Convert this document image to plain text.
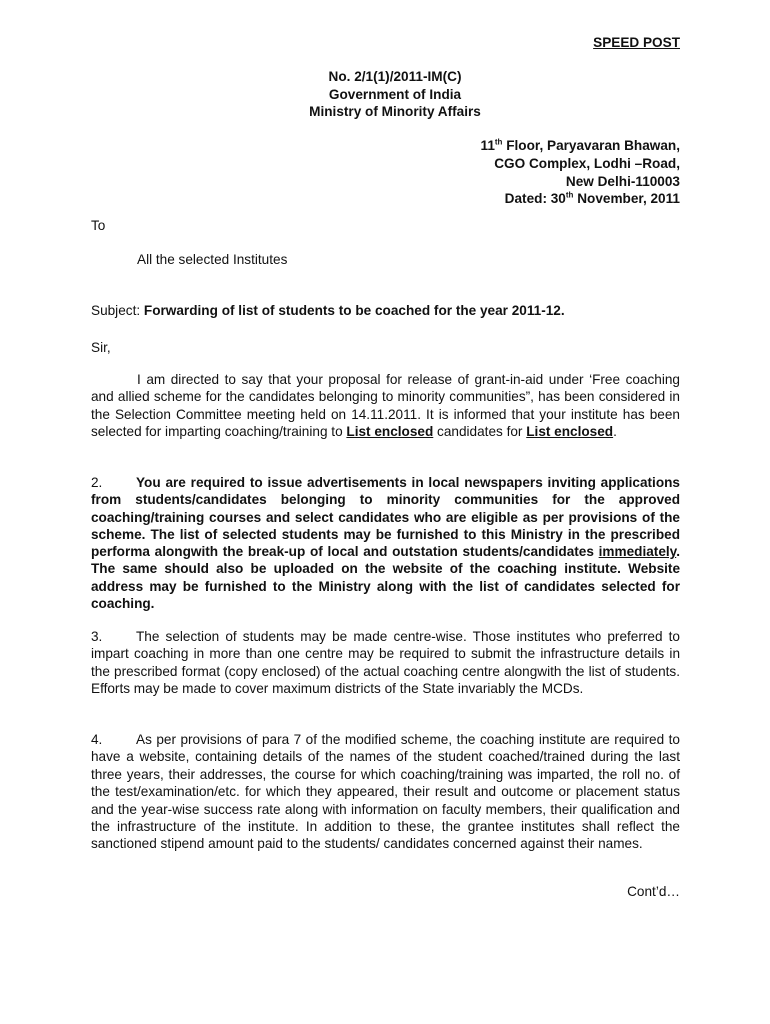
SPEED POST
No. 2/1(1)/2011-IM(C)
Government of India
Ministry of Minority Affairs
11th Floor, Paryavaran Bhawan,
CGO Complex, Lodhi –Road,
New Delhi-110003
Dated: 30th November, 2011
To
All the selected Institutes
Subject: Forwarding of list of students to be coached for the year 2011-12.
Sir,

I am directed to say that your proposal for release of grant-in-aid under ‘Free coaching and allied scheme for the candidates belonging to minority communities”, has been considered in the Selection Committee meeting held on 14.11.2011. It is informed that your institute has been selected for imparting coaching/training to List enclosed candidates for List enclosed.

2. You are required to issue advertisements in local newspapers inviting applications from students/candidates belonging to minority communities for the approved coaching/training courses and select candidates who are eligible as per provisions of the scheme. The list of selected students may be furnished to this Ministry in the prescribed performa alongwith the break-up of local and outstation students/candidates immediately. The same should also be uploaded on the website of the coaching institute. Website address may be furnished to the Ministry along with the list of candidates selected for coaching.

3. The selection of students may be made centre-wise. Those institutes who preferred to impart coaching in more than one centre may be required to submit the infrastructure details in the prescribed format (copy enclosed) of the actual coaching centre alongwith the list of students. Efforts may be made to cover maximum districts of the State invariably the MCDs.

4. As per provisions of para 7 of the modified scheme, the coaching institute are required to have a website, containing details of the names of the student coached/trained during the last three years, their addresses, the course for which coaching/training was imparted, the roll no. of the test/examination/etc. for which they appeared, their result and outcome or placement status and the year-wise success rate along with information on faculty members, their qualification and the infrastructure of the institute. In addition to these, the grantee institutes shall reflect the sanctioned stipend amount paid to the students/ candidates concerned against their names.

Cont’d…
